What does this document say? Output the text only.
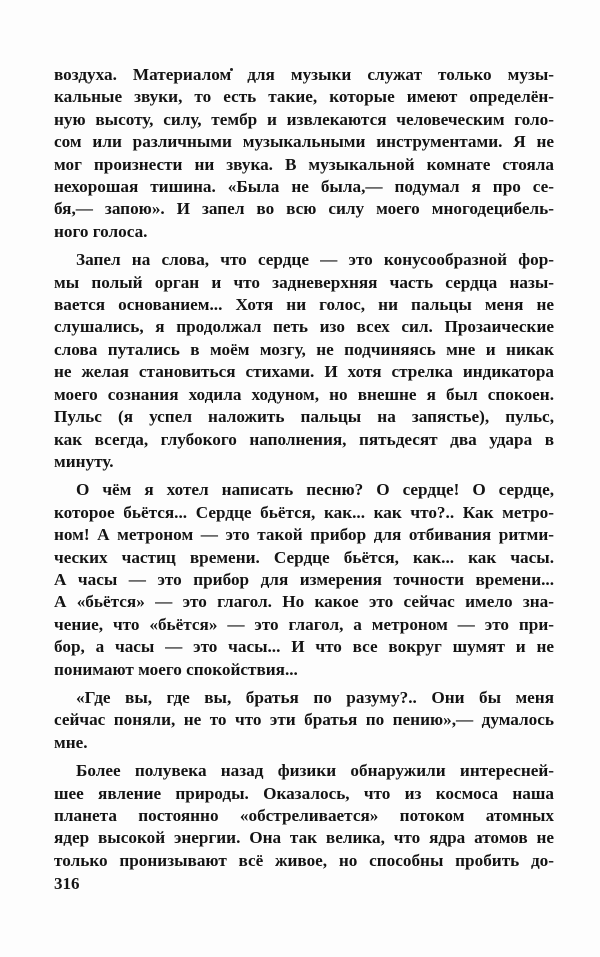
воздуха. Материалом для музыки служат только музы-
кальные звуки, то есть такие, которые имеют определён-
ную высоту, силу, тембр и извлекаются человеческим голо-
сом или различными музыкальными инструментами. Я не
мог произнести ни звука. В музыкальной комнате стояла
нехорошая тишина. «Была не была,— подумал я про се-
бя,— запою». И запел во всю силу моего многодецибель-
ного голоса.
Запел на слова, что сердце — это конусообразной фор-
мы полый орган и что задневерхняя часть сердца назы-
вается основанием... Хотя ни голос, ни пальцы меня не
слушались, я продолжал петь изо всех сил. Прозаические
слова путались в моём мозгу, не подчиняясь мне и никак
не желая становиться стихами. И хотя стрелка индикатора
моего сознания ходила ходуном, но внешне я был спокоен.
Пульс (я успел наложить пальцы на запястье), пульс,
как всегда, глубокого наполнения, пятьдесят два удара в
минуту.
О чём я хотел написать песню? О сердце! О сердце,
которое бьётся... Сердце бьётся, как... как что?.. Как метро-
ном! А метроном — это такой прибор для отбивания ритми-
ческих частиц времени. Сердце бьётся, как... как часы.
А часы — это прибор для измерения точности времени...
А «бьётся» — это глагол. Но какое это сейчас имело зна-
чение, что «бьётся» — это глагол, а метроном — это при-
бор, а часы — это часы... И что все вокруг шумят и не
понимают моего спокойствия...
«Где вы, где вы, братья по разуму?.. Они бы меня
сейчас поняли, не то что эти братья по пению»,— думалось
мне.
Более полувека назад физики обнаружили интересней-
шее явление природы. Оказалось, что из космоса наша
планета постоянно «обстреливается» потоком атомных
ядер высокой энергии. Она так велика, что ядра атомов не
только пронизывают всё живое, но способны пробить до-
316
